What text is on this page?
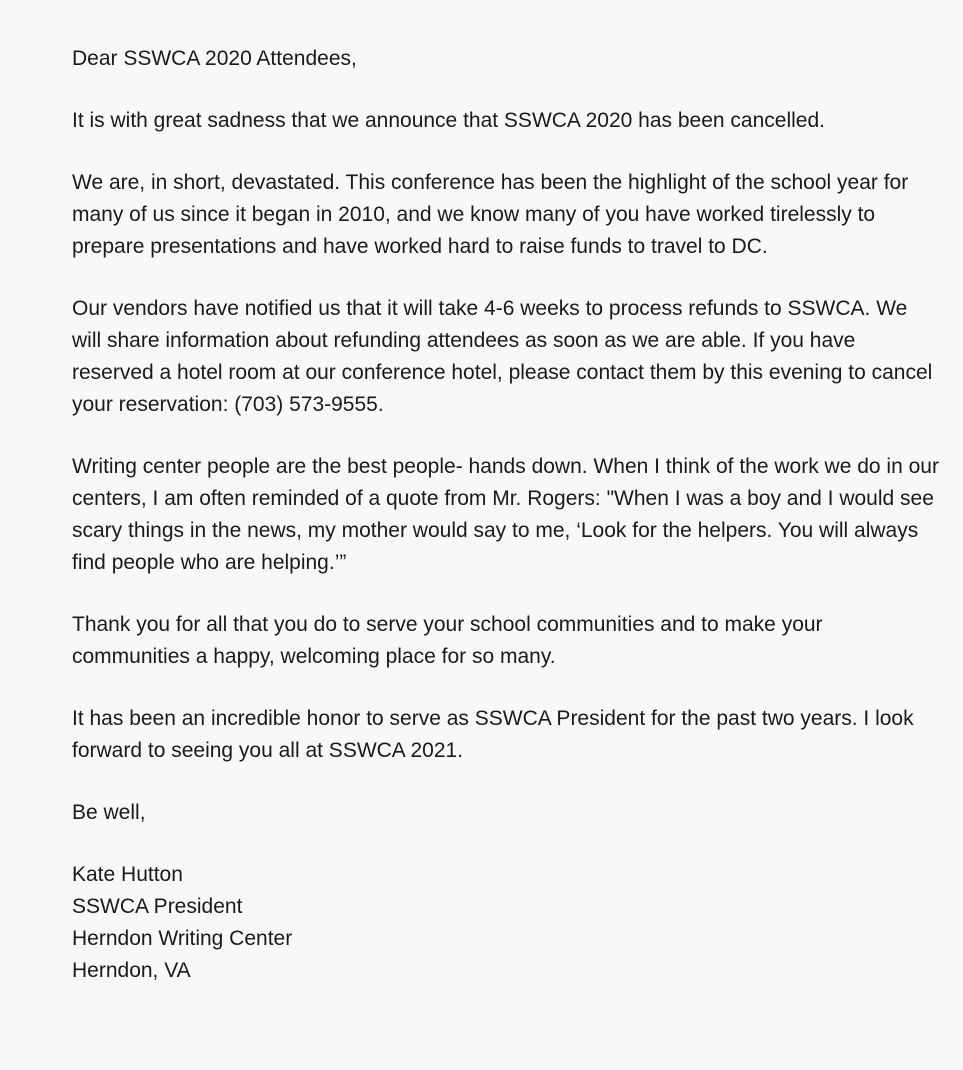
Dear SSWCA 2020 Attendees,

It is with great sadness that we announce that SSWCA 2020 has been cancelled.

We are, in short, devastated. This conference has been the highlight of the school year for many of us since it began in 2010, and we know many of you have worked tirelessly to prepare presentations and have worked hard to raise funds to travel to DC.

Our vendors have notified us that it will take 4-6 weeks to process refunds to SSWCA. We will share information about refunding attendees as soon as we are able. If you have reserved a hotel room at our conference hotel, please contact them by this evening to cancel your reservation: (703) 573-9555.

Writing center people are the best people- hands down. When I think of the work we do in our centers, I am often reminded of a quote from Mr. Rogers: "When I was a boy and I would see scary things in the news, my mother would say to me, ‘Look for the helpers. You will always find people who are helping.’”

Thank you for all that you do to serve your school communities and to make your communities a happy, welcoming place for so many.

It has been an incredible honor to serve as SSWCA President for the past two years. I look forward to seeing you all at SSWCA 2021.

Be well,

Kate Hutton
SSWCA President
Herndon Writing Center
Herndon, VA
